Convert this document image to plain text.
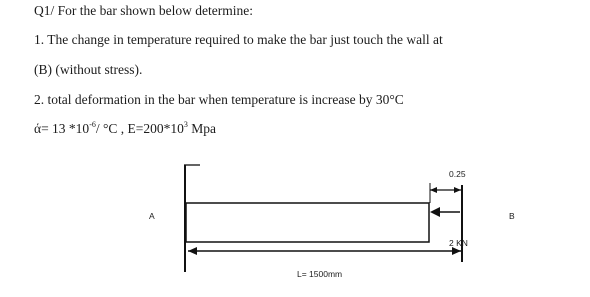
Q1/ For the bar shown below determine:
1. The change in temperature required to make the bar just touch the wall at
(B) (without stress).
2. total deformation in the bar when temperature is increase by 30°C
ά= 13 $*10^{-6}/$ °C , $E=200*10^3$ Mpa
A	B
0.25
2 KN
L= 1500mm
